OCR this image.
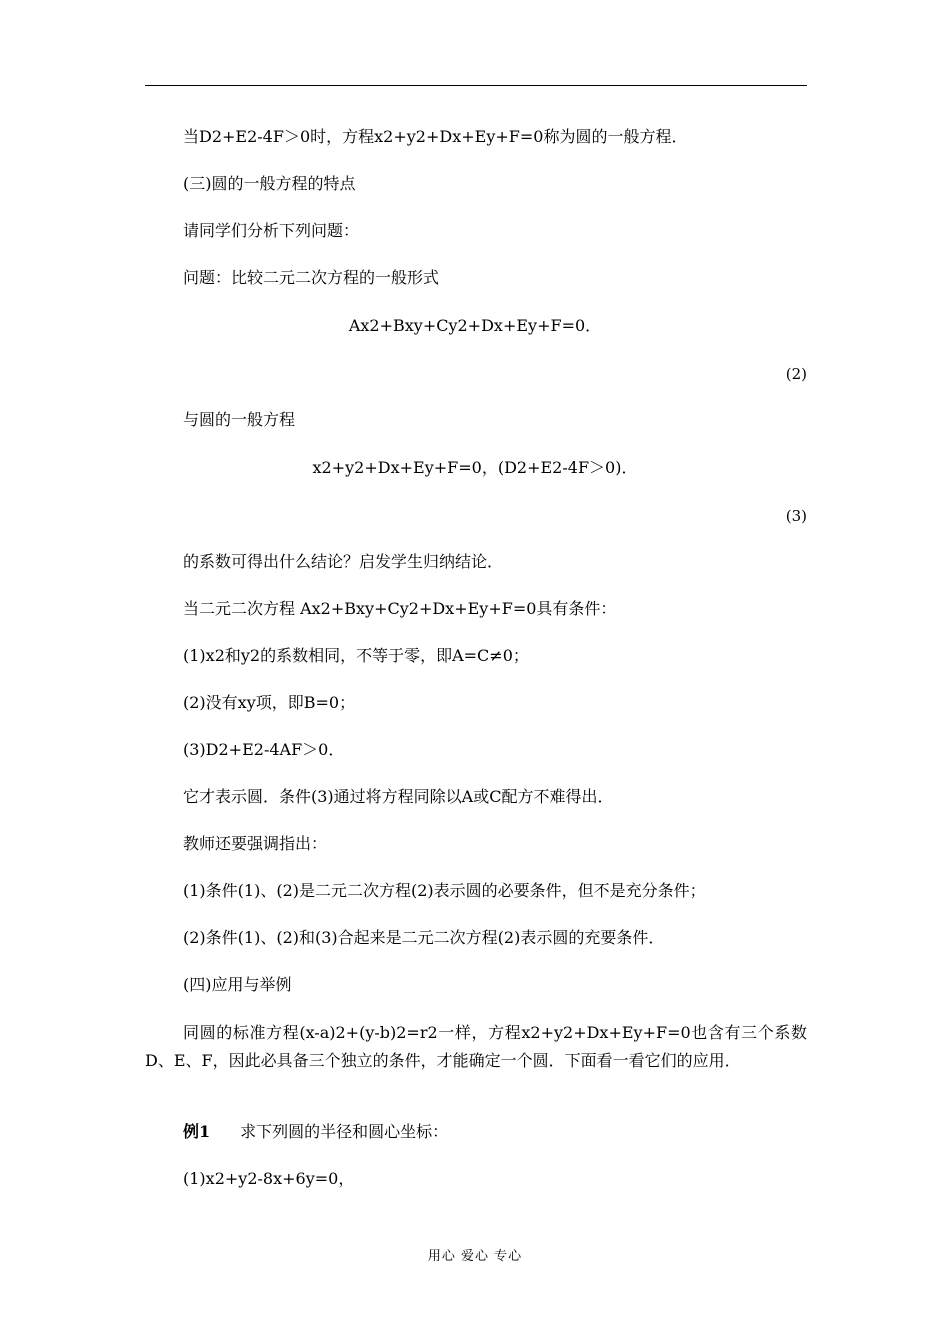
当D2+E2-4F＞0时，方程x2+y2+Dx+Ey+F=0称为圆的一般方程．
(三)圆的一般方程的特点
请同学们分析下列问题：
问题：比较二元二次方程的一般形式
Ax2+Bxy+Cy2+Dx+Ey+F=0．
(2)
与圆的一般方程
x2+y2+Dx+Ey+F=0，(D2+E2-4F＞0)．
(3)
的系数可得出什么结论？启发学生归纳结论．
当二元二次方程 Ax2+Bxy+Cy2+Dx+Ey+F=0具有条件：
(1)x2和y2的系数相同，不等于零，即A=C≠0；
(2)没有xy项，即B=0；
(3)D2+E2-4AF＞0．
它才表示圆．条件(3)通过将方程同除以A或C配方不难得出．
教师还要强调指出：
(1)条件(1)、(2)是二元二次方程(2)表示圆的必要条件，但不是充分条件；
(2)条件(1)、(2)和(3)合起来是二元二次方程(2)表示圆的充要条件．
(四)应用与举例
同圆的标准方程(x-a)2+(y-b)2=r2一样，方程x2+y2+Dx+Ey+F=0也含有三个系数D、E、F，因此必具备三个独立的条件，才能确定一个圆．下面看一看它们的应用．
例1 求下列圆的半径和圆心坐标：
(1)x2+y2-8x+6y=0，
用心 爱心 专心
